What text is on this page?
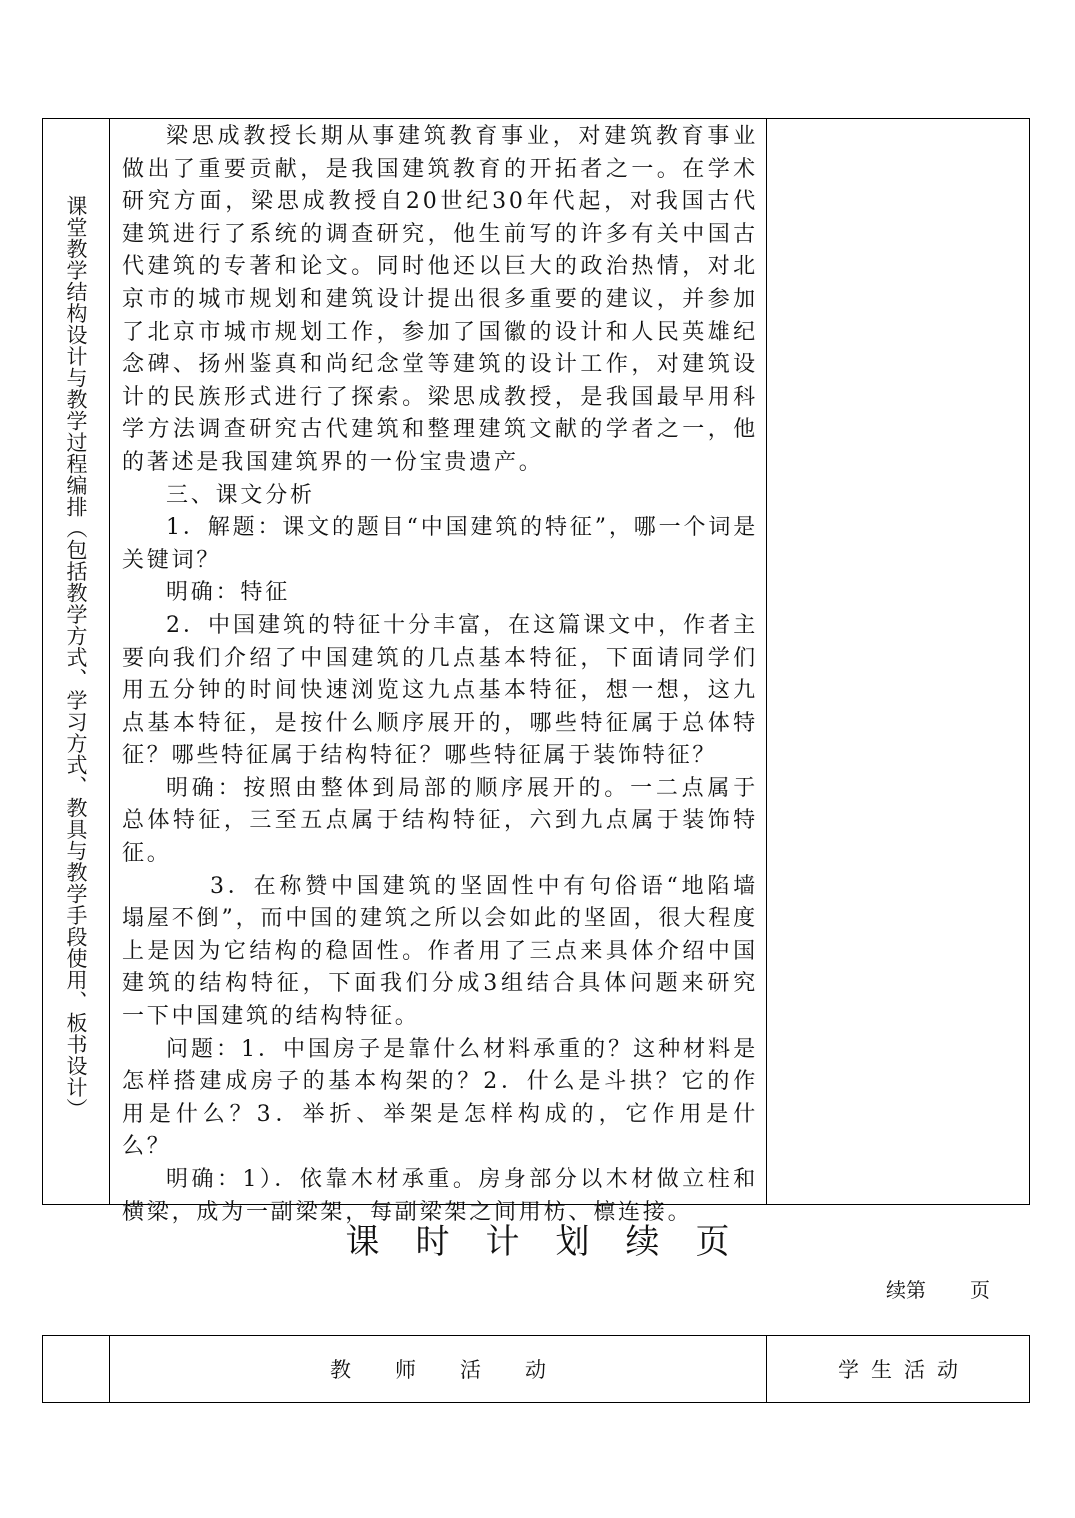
课堂教学结构设计与教学过程编排（包括教学方式、学习方式、教具与教学手段使用、板书设计）

梁思成教授长期从事建筑教育事业，对建筑教育事业做出了重要贡献，是我国建筑教育的开拓者之一。在学术研究方面，梁思成教授自20世纪30年代起，对我国古代建筑进行了系统的调查研究，他生前写的许多有关中国古代建筑的专著和论文。同时他还以巨大的政治热情，对北京市的城市规划和建筑设计提出很多重要的建议，并参加了北京市城市规划工作，参加了国徽的设计和人民英雄纪念碑、扬州鉴真和尚纪念堂等建筑的设计工作，对建筑设计的民族形式进行了探索。梁思成教授，是我国最早用科学方法调查研究古代建筑和整理建筑文献的学者之一，他的著述是我国建筑界的一份宝贵遗产。

三、课文分析

1．解题：课文的题目“中国建筑的特征”，哪一个词是关键词？

明确：特征

2．中国建筑的特征十分丰富，在这篇课文中，作者主要向我们介绍了中国建筑的几点基本特征，下面请同学们用五分钟的时间快速浏览这九点基本特征，想一想，这九点基本特征，是按什么顺序展开的，哪些特征属于总体特征？哪些特征属于结构特征？哪些特征属于装饰特征？

明确：按照由整体到局部的顺序展开的。一二点属于总体特征，三至五点属于结构特征，六到九点属于装饰特征。

3．在称赞中国建筑的坚固性中有句俗语“地陷墙塌屋不倒”，而中国的建筑之所以会如此的坚固，很大程度上是因为它结构的稳固性。作者用了三点来具体介绍中国建筑的结构特征，下面我们分成3组结合具体问题来研究一下中国建筑的结构特征。

问题：1．中国房子是靠什么材料承重的？这种材料是怎样搭建成房子的基本构架的？2．什么是斗拱？它的作用是什么？3．举折、举架是怎样构成的，它作用是什么？

明确：1）．依靠木材承重。房身部分以木材做立柱和横梁，成为一副梁架，每副梁架之间用枋、檩连接。

课时计划续页
续第 页
教师活动	学生活动
